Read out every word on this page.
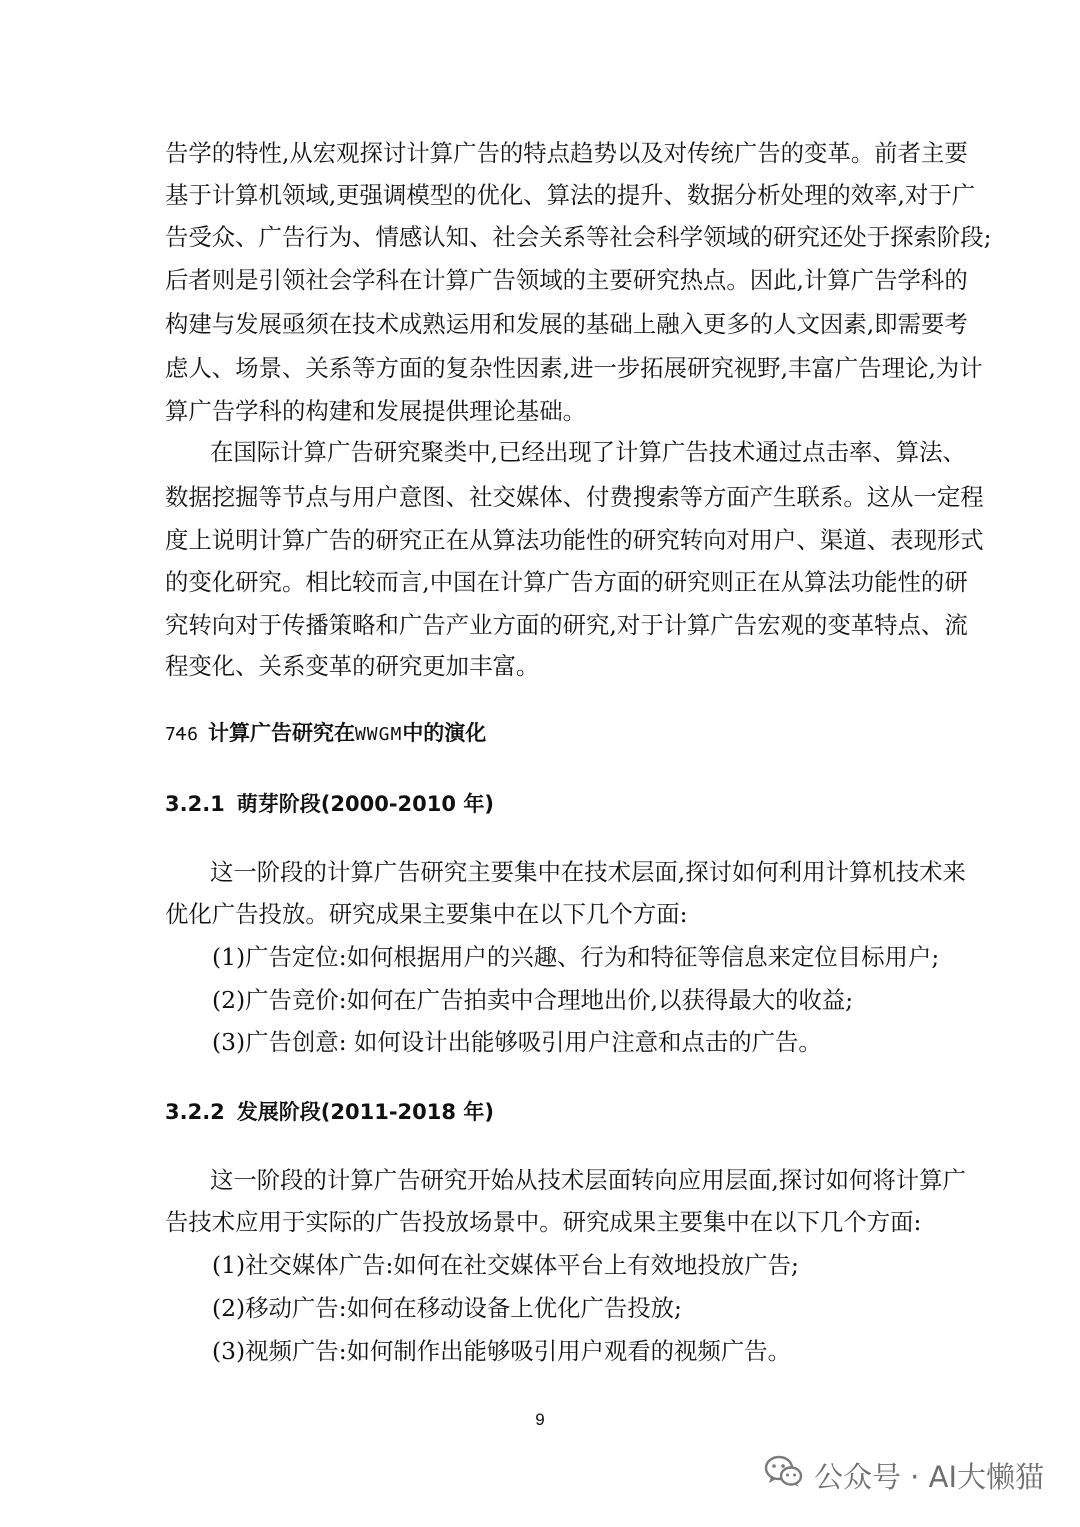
告学的特性,从宏观探讨计算广告的特点趋势以及对传统广告的变革。前者主要
基于计算机领域,更强调模型的优化、算法的提升、数据分析处理的效率,对于广
告受众、广告行为、情感认知、社会关系等社会科学领域的研究还处于探索阶段;
后者则是引领社会学科在计算广告领域的主要研究热点。因此,计算广告学科的
构建与发展亟须在技术成熟运用和发展的基础上融入更多的人文因素,即需要考
虑人、场景、关系等方面的复杂性因素,进一步拓展研究视野,丰富广告理论,为计
算广告学科的构建和发展提供理论基础。
在国际计算广告研究聚类中,已经出现了计算广告技术通过点击率、算法、
数据挖掘等节点与用户意图、社交媒体、付费搜索等方面产生联系。这从一定程
度上说明计算广告的研究正在从算法功能性的研究转向对用户、渠道、表现形式
的变化研究。相比较而言,中国在计算广告方面的研究则正在从算法功能性的研
究转向对于传播策略和广告产业方面的研究,对于计算广告宏观的变革特点、流
程变化、关系变革的研究更加丰富。
7Ꮞ6 计算广告研究在WWGM中的演化
3.2.1 萌芽阶段(2000-2010 年)
这一阶段的计算广告研究主要集中在技术层面,探讨如何利用计算机技术来
优化广告投放。研究成果主要集中在以下几个方面:
(1)广告定位:如何根据用户的兴趣、行为和特征等信息来定位目标用户;
(2)广告竞价:如何在广告拍卖中合理地出价,以获得最大的收益;
(3)广告创意: 如何设计出能够吸引用户注意和点击的广告。
3.2.2 发展阶段(2011-2018 年)
这一阶段的计算广告研究开始从技术层面转向应用层面,探讨如何将计算广
告技术应用于实际的广告投放场景中。研究成果主要集中在以下几个方面:
(1)社交媒体广告:如何在社交媒体平台上有效地投放广告;
(2)移动广告:如何在移动设备上优化广告投放;
(3)视频广告:如何制作出能够吸引用户观看的视频广告。
9
公众号 · AI大懒猫
